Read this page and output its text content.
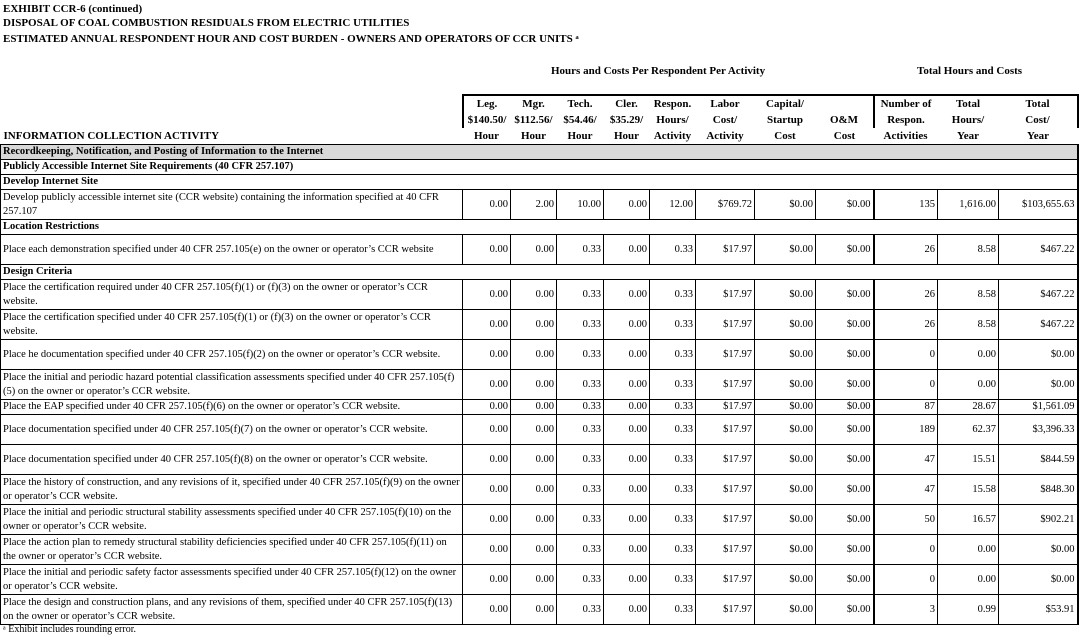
EXHIBIT CCR-6 (continued)
DISPOSAL OF COAL COMBUSTION RESIDUALS FROM ELECTRIC UTILITIES
ESTIMATED ANNUAL RESPONDENT HOUR AND COST BURDEN - OWNERS AND OPERATORS OF CCR UNITS ᵃ
Hours and Costs Per Respondent Per Activity	Total Hours and Costs
	Leg.	Mgr.	Tech.	Cler.	Respon.	Labor	Capital/		Number of	Total	Total
	$140.50/	$112.56/	$54.46/	$35.29/	Hours/	Cost/	Startup	O&M	Respon.	Hours/	Cost/
INFORMATION COLLECTION ACTIVITY	Hour	Hour	Hour	Hour	Activity	Activity	Cost	Cost	Activities	Year	Year
Recordkeeping, Notification, and Posting of Information to the Internet											
Publicly Accessible Internet Site Requirements (40 CFR 257.107)											
Develop Internet Site											
Develop publicly accessible internet site (CCR website) containing the information specified at 40 CFR 257.107	0.00	2.00	10.00	0.00	12.00	$769.72	$0.00	$0.00	135	1,616.00	$103,655.63
Location Restrictions											
Place each demonstration specified under 40 CFR 257.105(e) on the owner or operator’s CCR website	0.00	0.00	0.33	0.00	0.33	$17.97	$0.00	$0.00	26	8.58	$467.22
Design Criteria											
Place the certification required under 40 CFR 257.105(f)(1) or (f)(3) on the owner or operator’s CCR website.	0.00	0.00	0.33	0.00	0.33	$17.97	$0.00	$0.00	26	8.58	$467.22
Place the certification specified under 40 CFR 257.105(f)(1) or (f)(3) on the owner or operator’s CCR website.	0.00	0.00	0.33	0.00	0.33	$17.97	$0.00	$0.00	26	8.58	$467.22
Place he documentation specified under 40 CFR 257.105(f)(2) on the owner or operator’s CCR website.	0.00	0.00	0.33	0.00	0.33	$17.97	$0.00	$0.00	0	0.00	$0.00
Place the initial and periodic hazard potential classification assessments specified under 40 CFR 257.105(f)(5) on the owner or operator’s CCR website.	0.00	0.00	0.33	0.00	0.33	$17.97	$0.00	$0.00	0	0.00	$0.00
Place the EAP specified under 40 CFR 257.105(f)(6) on the owner or operator’s CCR website.	0.00	0.00	0.33	0.00	0.33	$17.97	$0.00	$0.00	87	28.67	$1,561.09
Place documentation specified under 40 CFR 257.105(f)(7) on the owner or operator’s CCR website.	0.00	0.00	0.33	0.00	0.33	$17.97	$0.00	$0.00	189	62.37	$3,396.33
Place documentation specified under 40 CFR 257.105(f)(8) on the owner or operator’s CCR website.	0.00	0.00	0.33	0.00	0.33	$17.97	$0.00	$0.00	47	15.51	$844.59
Place the history of construction, and any revisions of it, specified under 40 CFR 257.105(f)(9) on the owner or operator’s CCR website.	0.00	0.00	0.33	0.00	0.33	$17.97	$0.00	$0.00	47	15.58	$848.30
Place the initial and periodic structural stability assessments specified under 40 CFR 257.105(f)(10) on the owner or operator’s CCR website.	0.00	0.00	0.33	0.00	0.33	$17.97	$0.00	$0.00	50	16.57	$902.21
Place the action plan to remedy structural stability deficiencies specified under 40 CFR 257.105(f)(11) on the owner or operator’s CCR website.	0.00	0.00	0.33	0.00	0.33	$17.97	$0.00	$0.00	0	0.00	$0.00
Place the initial and periodic safety factor assessments specified under 40 CFR 257.105(f)(12) on the owner or operator’s CCR website.	0.00	0.00	0.33	0.00	0.33	$17.97	$0.00	$0.00	0	0.00	$0.00
Place the design and construction plans, and any revisions of them, specified under 40 CFR 257.105(f)(13) on the owner or operator’s CCR website.	0.00	0.00	0.33	0.00	0.33	$17.97	$0.00	$0.00	3	0.99	$53.91
ᵃ Exhibit includes rounding error.
